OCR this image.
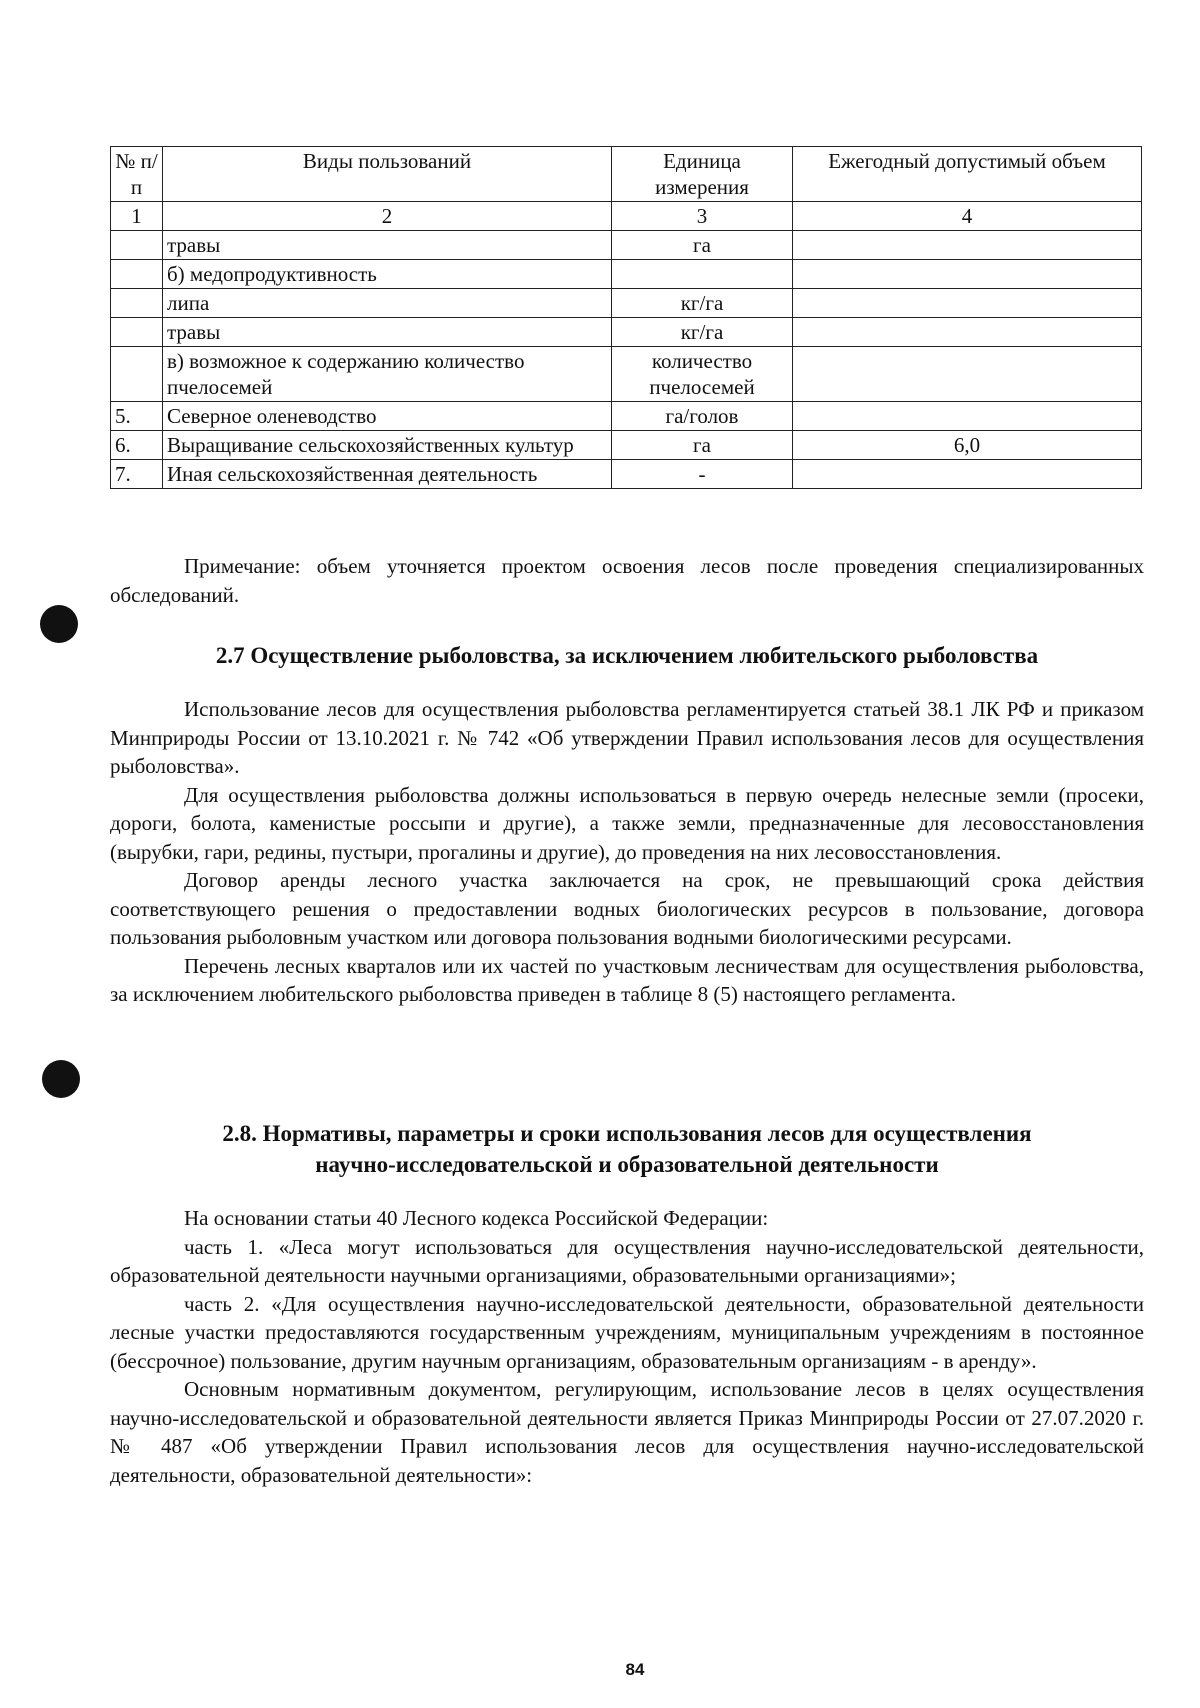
№ п/п	Виды пользований	Единица измерения	Ежегодный допустимый объем
1	2	3	4
	травы	га	
	б) медопродуктивность		
	липа	кг/га	
	травы	кг/га	
	в) возможное к содержанию количество пчелосемей	количество пчелосемей	
5.	Северное оленеводство	га/голов	
6.	Выращивание сельскохозяйственных культур	га	6,0
7.	Иная сельскохозяйственная деятельность	-	

Примечание: объем уточняется проектом освоения лесов после проведения специализированных обследований.

2.7 Осуществление рыболовства, за исключением любительского рыболовства

Использование лесов для осуществления рыболовства регламентируется статьей 38.1 ЛК РФ и приказом Минприроды России от 13.10.2021 г. № 742 «Об утверждении Правил использования лесов для осуществления рыболовства».

Для осуществления рыболовства должны использоваться в первую очередь нелесные земли (просеки, дороги, болота, каменистые россыпи и другие), а также земли, предназначенные для лесовосстановления (вырубки, гари, редины, пустыри, прогалины и другие), до проведения на них лесовосстановления.

Договор аренды лесного участка заключается на срок, не превышающий срока действия соответствующего решения о предоставлении водных биологических ресурсов в пользование, договора пользования рыболовным участком или договора пользования водными биологическими ресурсами.

Перечень лесных кварталов или их частей по участковым лесничествам для осуществления рыболовства, за исключением любительского рыболовства приведен в таблице 8 (5) настоящего регламента.

2.8. Нормативы, параметры и сроки использования лесов для осуществления
научно-исследовательской и образовательной деятельности

На основании статьи 40 Лесного кодекса Российской Федерации:

часть 1. «Леса могут использоваться для осуществления научно-исследовательской деятельности, образовательной деятельности научными организациями, образовательными организациями»;

часть 2. «Для осуществления научно-исследовательской деятельности, образовательной деятельности лесные участки предоставляются государственным учреждениям, муниципальным учреждениям в постоянное (бессрочное) пользование, другим научным организациям, образовательным организациям - в аренду».

Основным нормативным документом, регулирующим, использование лесов в целях осуществления научно-исследовательской и образовательной деятельности является Приказ Минприроды России от 27.07.2020 г. № 487 «Об утверждении Правил использования лесов для осуществления научно-исследовательской деятельности, образовательной деятельности»:

84
